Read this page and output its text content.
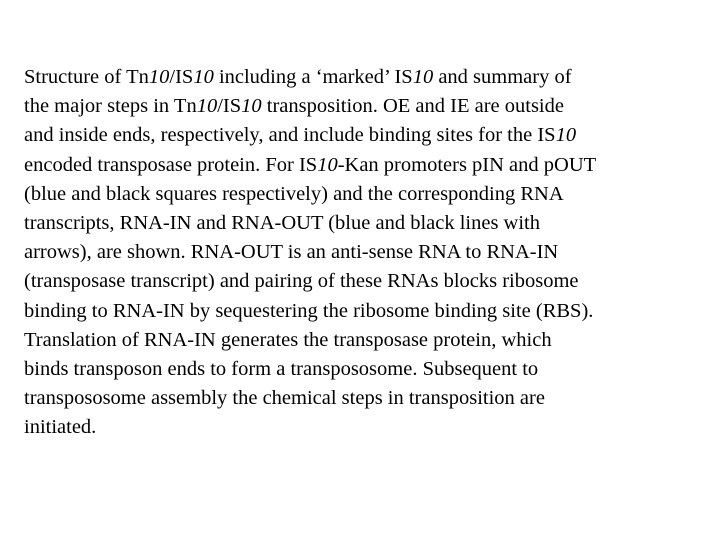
Structure of Tn10/IS10 including a ‘marked’ IS10 and summary of
the major steps in Tn10/IS10 transposition. OE and IE are outside
and inside ends, respectively, and include binding sites for the IS10
encoded transposase protein. For IS10-Kan promoters pIN and pOUT
(blue and black squares respectively) and the corresponding RNA
transcripts, RNA-IN and RNA-OUT (blue and black lines with
arrows), are shown. RNA-OUT is an anti-sense RNA to RNA-IN
(transposase transcript) and pairing of these RNAs blocks ribosome
binding to RNA-IN by sequestering the ribosome binding site (RBS).
Translation of RNA-IN generates the transposase protein, which
binds transposon ends to form a transpososome. Subsequent to
transpososome assembly the chemical steps in transposition are
initiated.
